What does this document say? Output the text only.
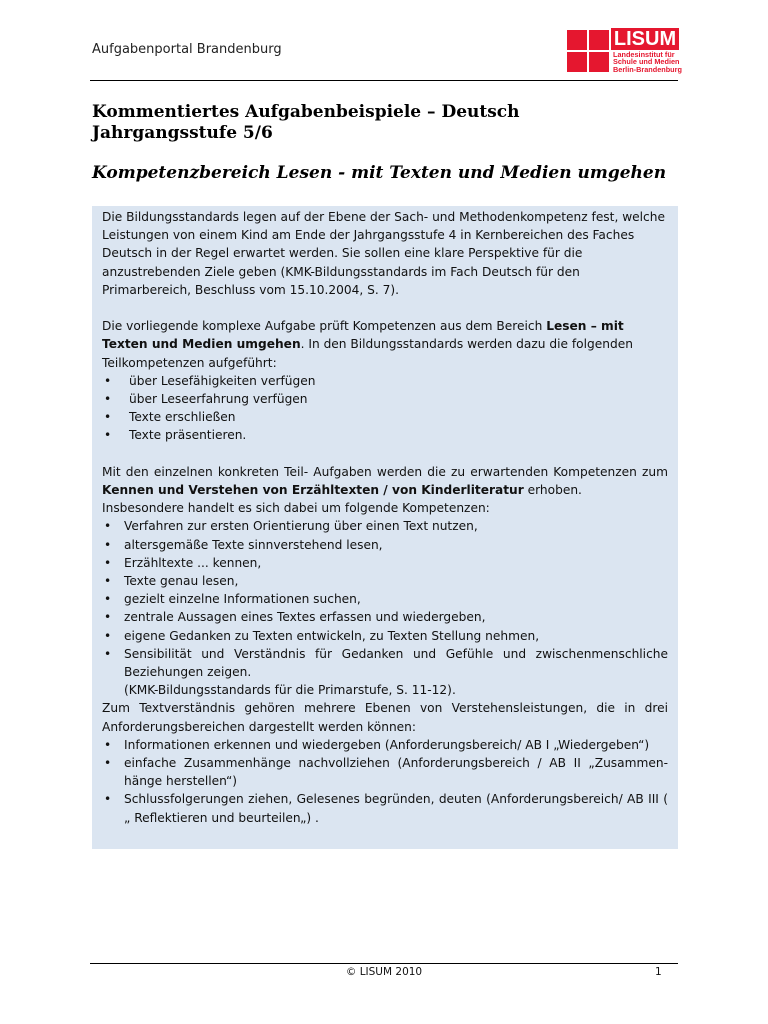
Aufgabenportal Brandenburg	LISUM
Landesinstitut für
Schule und Medien
Berlin-Brandenburg
Kommentiertes Aufgabenbeispiele – Deutsch
Jahrgangsstufe 5/6
Kompetenzbereich Lesen - mit Texten und Medien umgehen

Die Bildungsstandards legen auf der Ebene der Sach- und Methodenkompetenz fest, welche Leistungen von einem Kind am Ende der Jahrgangsstufe 4 in Kernbereichen des Faches Deutsch in der Regel erwartet werden. Sie sollen eine klare Perspektive für die anzustrebenden Ziele geben (KMK-Bildungsstandards im Fach Deutsch für den Primarbereich, Beschluss vom 15.10.2004, S. 7).

Die vorliegende komplexe Aufgabe prüft Kompetenzen aus dem Bereich Lesen – mit Texten und Medien umgehen. In den Bildungsstandards werden dazu die folgenden Teilkompetenzen aufgeführt:

• über Lesefähigkeiten verfügen
• über Leseerfahrung verfügen
• Texte erschließen
• Texte präsentieren.

Mit den einzelnen konkreten Teil- Aufgaben werden die zu erwartenden Kompetenzen zum Kennen und Verstehen von Erzähltexten / von Kinderliteratur erhoben.

Insbesondere handelt es sich dabei um folgende Kompetenzen:

• Verfahren zur ersten Orientierung über einen Text nutzen,
• altersgemäße Texte sinnverstehend lesen,
• Erzähltexte ... kennen,
• Texte genau lesen,
• gezielt einzelne Informationen suchen,
• zentrale Aussagen eines Textes erfassen und wiedergeben,
• eigene Gedanken zu Texten entwickeln, zu Texten Stellung nehmen,
• Sensibilität und Verständnis für Gedanken und Gefühle und zwischenmenschliche Beziehungen zeigen.
(KMK-Bildungsstandards für die Primarstufe, S. 11-12).

Zum Textverständnis gehören mehrere Ebenen von Verstehensleistungen, die in drei Anforderungsbereichen dargestellt werden können:

• Informationen erkennen und wiedergeben (Anforderungsbereich/ AB I „Wiedergeben“)
• einfache Zusammenhänge nachvollziehen (Anforderungsbereich / AB II „Zusammen-hänge herstellen“)
• Schlussfolgerungen ziehen, Gelesenes begründen, deuten (Anforderungsbereich/ AB III ( „ Reflektieren und beurteilen„) .
© LISUM 2010	1
